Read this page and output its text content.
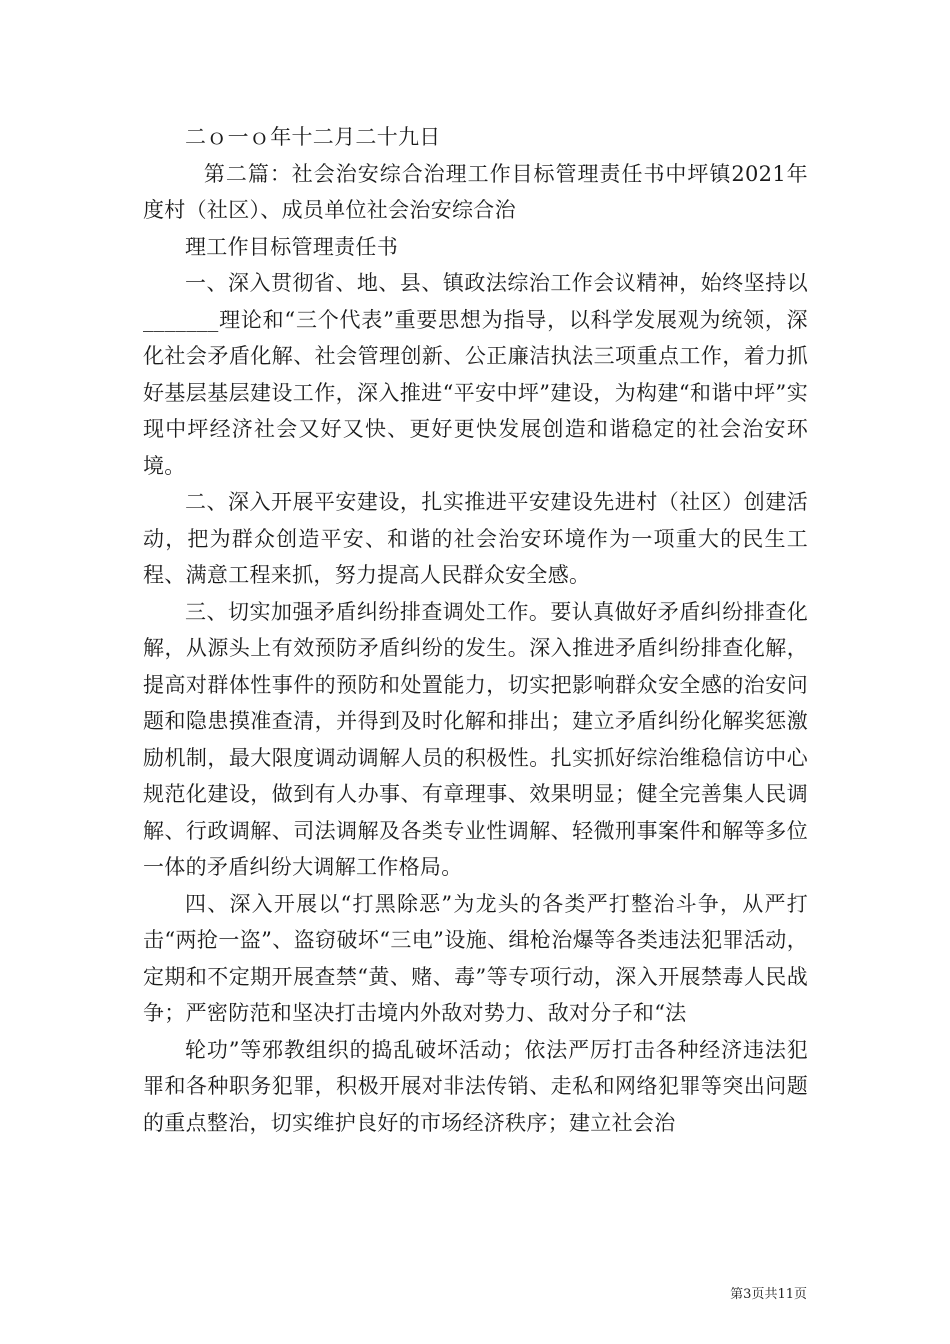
二ｏ一ｏ年十二月二十九日

第二篇：社会治安综合治理工作目标管理责任书中坪镇2021年度村（社区）、成员单位社会治安综合治

理工作目标管理责任书

一、深入贯彻省、地、县、镇政法综治工作会议精神，始终坚持以_______理论和“三个代表”重要思想为指导，以科学发展观为统领，深化社会矛盾化解、社会管理创新、公正廉洁执法三项重点工作，着力抓好基层基层建设工作，深入推进“平安中坪”建设，为构建“和谐中坪”实现中坪经济社会又好又快、更好更快发展创造和谐稳定的社会治安环境。

二、深入开展平安建设，扎实推进平安建设先进村（社区）创建活动，把为群众创造平安、和谐的社会治安环境作为一项重大的民生工程、满意工程来抓，努力提高人民群众安全感。

三、切实加强矛盾纠纷排查调处工作。要认真做好矛盾纠纷排查化解，从源头上有效预防矛盾纠纷的发生。深入推进矛盾纠纷排查化解，提高对群体性事件的预防和处置能力，切实把影响群众安全感的治安问题和隐患摸准查清，并得到及时化解和排出；建立矛盾纠纷化解奖惩激励机制，最大限度调动调解人员的积极性。扎实抓好综治维稳信访中心规范化建设，做到有人办事、有章理事、效果明显；健全完善集人民调解、行政调解、司法调解及各类专业性调解、轻微刑事案件和解等多位一体的矛盾纠纷大调解工作格局。

四、深入开展以“打黑除恶”为龙头的各类严打整治斗争，从严打击“两抢一盗”、盗窃破坏“三电”设施、缉枪治爆等各类违法犯罪活动，定期和不定期开展查禁“黄、赌、毒”等专项行动，深入开展禁毒人民战争；严密防范和坚决打击境内外敌对势力、敌对分子和“法

轮功”等邪教组织的捣乱破坏活动；依法严厉打击各种经济违法犯罪和各种职务犯罪，积极开展对非法传销、走私和网络犯罪等突出问题的重点整治，切实维护良好的市场经济秩序；建立社会治

第3页共11页
